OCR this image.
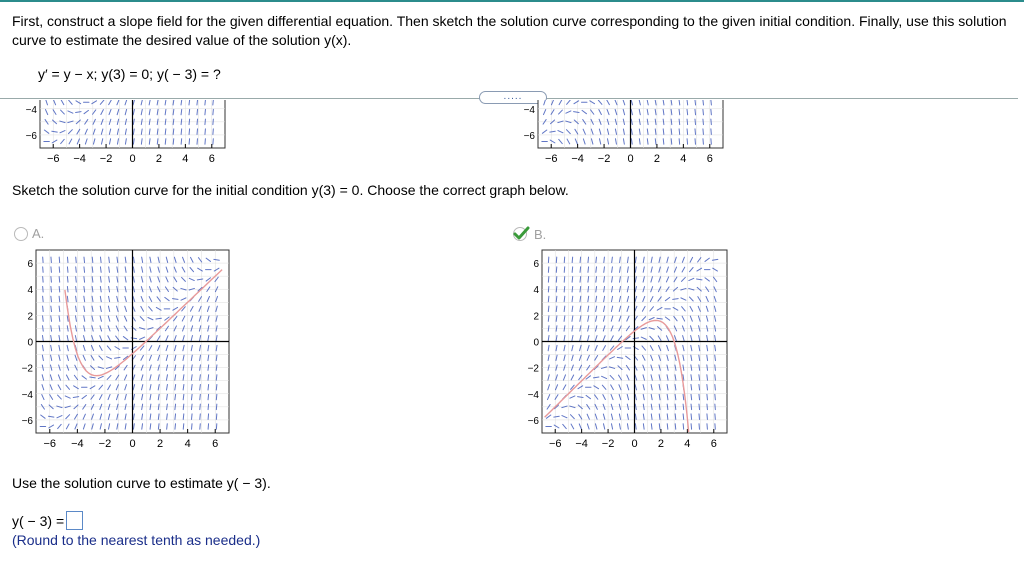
First, construct a slope field for the given differential equation. Then sketch the solution curve corresponding to the given initial condition. Finally, use this solution curve to estimate the desired value of the solution y(x).
y′ = y − x; y(3) = 0; y( − 3) = ?
.....
−6 −4 −2 0 2 4 6
−4
−6
−6 −4 −2 0 2 4 6
−4
−6
Sketch the solution curve for the initial condition y(3) = 0. Choose the correct graph below.
A.
−6 −4 −2 0 2 4 6
6
4
2
0
−2
−4
−6
B.
−6 −4 −2 0 2 4 6
6
4
2
0
−2
−4
−6
Use the solution curve to estimate y( − 3).
y( − 3) =
(Round to the nearest tenth as needed.)
